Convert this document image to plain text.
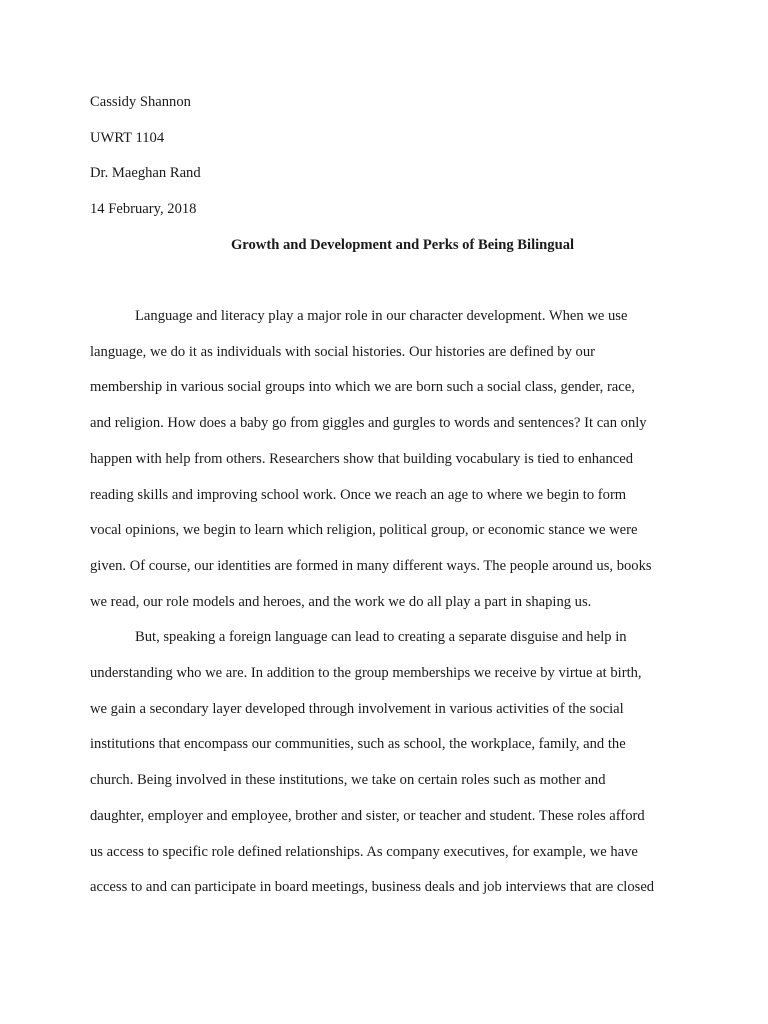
Cassidy Shannon
UWRT 1104
Dr. Maeghan Rand
14 February, 2018
Growth and Development and Perks of Being Bilingual
Language and literacy play a major role in our character development. When we use
language, we do it as individuals with social histories. Our histories are defined by our
membership in various social groups into which we are born such a social class, gender, race,
and religion. How does a baby go from giggles and gurgles to words and sentences? It can only
happen with help from others. Researchers show that building vocabulary is tied to enhanced
reading skills and improving school work. Once we reach an age to where we begin to form
vocal opinions, we begin to learn which religion, political group, or economic stance we were
given. Of course, our identities are formed in many different ways. The people around us, books
we read, our role models and heroes, and the work we do all play a part in shaping us.
But, speaking a foreign language can lead to creating a separate disguise and help in
understanding who we are. In addition to the group memberships we receive by virtue at birth,
we gain a secondary layer developed through involvement in various activities of the social
institutions that encompass our communities, such as school, the workplace, family, and the
church. Being involved in these institutions, we take on certain roles such as mother and
daughter, employer and employee, brother and sister, or teacher and student. These roles afford
us access to specific role defined relationships. As company executives, for example, we have
access to and can participate in board meetings, business deals and job interviews that are closed
